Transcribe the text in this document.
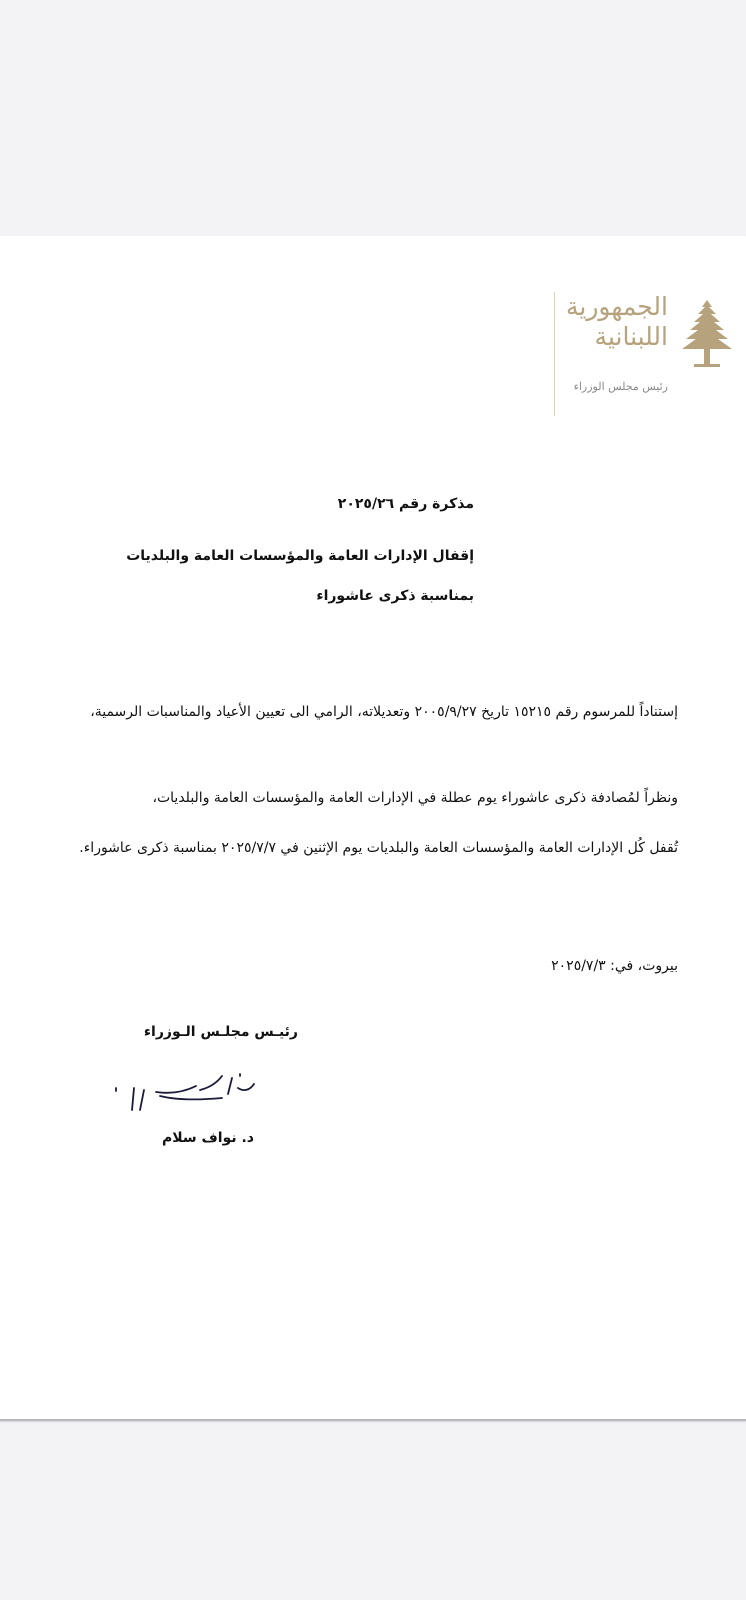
الجمهورية اللبنانية
رئيس مجلس الوزراء
مذكرة رقم ٢٠٢٥/٢٦
إقفال الإدارات العامة والمؤسسات العامة والبلديات
بمناسبة ذكرى عاشوراء
إستناداً للمرسوم رقم ١٥٢١٥ تاريخ ٢٠٠٥/٩/٢٧ وتعديلاته، الرامي الى تعيين الأعياد والمناسبات الرسمية،
ونظراً لمُصادفة ذكرى عاشوراء يوم عطلة في الإدارات العامة والمؤسسات العامة والبلديات،
تُقفل كُل الإدارات العامة والمؤسسات العامة والبلديات يوم الإثنين في ٢٠٢٥/٧/٧ بمناسبة ذكرى عاشوراء.
بيروت، في: ٢٠٢٥/٧/٣
رئيـس مجلـس الـوزراء
د. نواف سلام
